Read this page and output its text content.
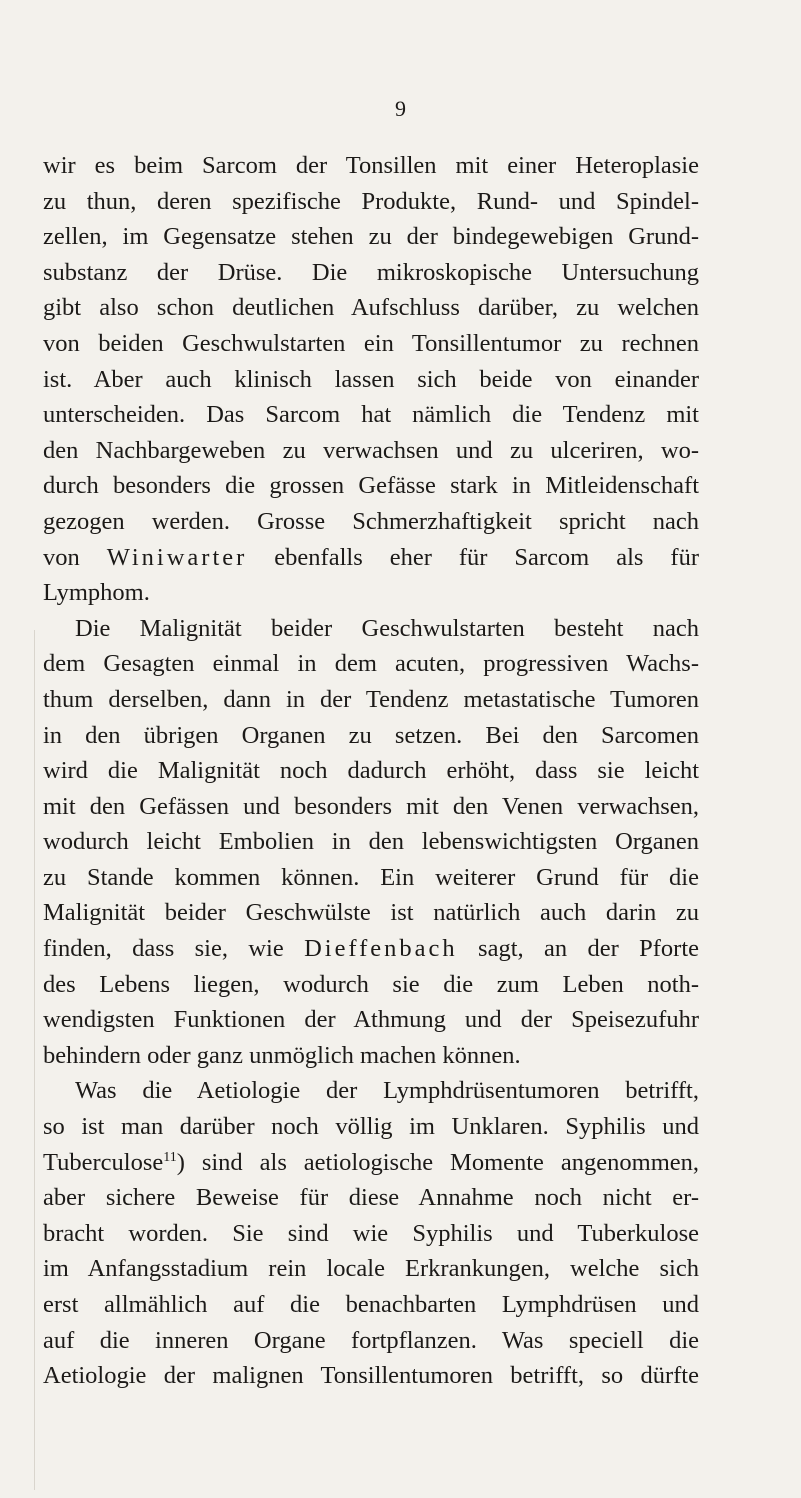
9
wir es beim Sarcom der Tonsillen mit einer Heteroplasie
zu thun, deren spezifische Produkte, Rund- und Spindel-
zellen, im Gegensatze stehen zu der bindegewebigen Grund-
substanz der Drüse. Die mikroskopische Untersuchung
gibt also schon deutlichen Aufschluss darüber, zu welchen
von beiden Geschwulstarten ein Tonsillentumor zu rechnen
ist. Aber auch klinisch lassen sich beide von einander
unterscheiden. Das Sarcom hat nämlich die Tendenz mit
den Nachbargeweben zu verwachsen und zu ulceriren, wo-
durch besonders die grossen Gefässe stark in Mitleidenschaft
gezogen werden. Grosse Schmerzhaftigkeit spricht nach
von Winiwarter ebenfalls eher für Sarcom als für
Lymphom.
Die Malignität beider Geschwulstarten besteht nach
dem Gesagten einmal in dem acuten, progressiven Wachs-
thum derselben, dann in der Tendenz metastatische Tumoren
in den übrigen Organen zu setzen. Bei den Sarcomen
wird die Malignität noch dadurch erhöht, dass sie leicht
mit den Gefässen und besonders mit den Venen verwachsen,
wodurch leicht Embolien in den lebenswichtigsten Organen
zu Stande kommen können. Ein weiterer Grund für die
Malignität beider Geschwülste ist natürlich auch darin zu
finden, dass sie, wie Dieffenbach sagt, an der Pforte
des Lebens liegen, wodurch sie die zum Leben noth-
wendigsten Funktionen der Athmung und der Speisezufuhr
behindern oder ganz unmöglich machen können.
Was die Aetiologie der Lymphdrüsentumoren betrifft,
so ist man darüber noch völlig im Unklaren. Syphilis und
Tuberculose$^{11}$) sind als aetiologische Momente angenommen,
aber sichere Beweise für diese Annahme noch nicht er-
bracht worden. Sie sind wie Syphilis und Tuberkulose
im Anfangsstadium rein locale Erkrankungen, welche sich
erst allmählich auf die benachbarten Lymphdrüsen und
auf die inneren Organe fortpflanzen. Was speciell die
Aetiologie der malignen Tonsillentumoren betrifft, so dürfte
